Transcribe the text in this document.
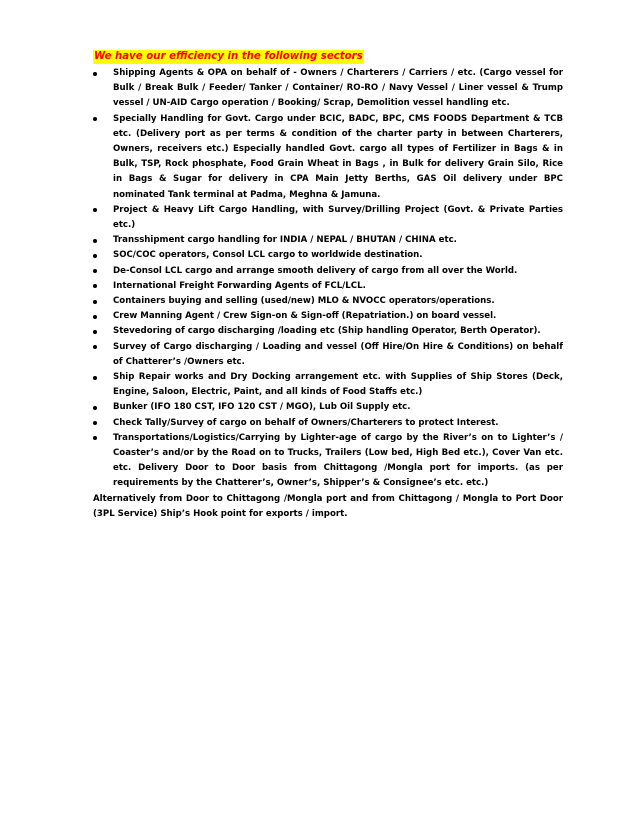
We have our efficiency in the following sectors
Shipping Agents & OPA on behalf of - Owners / Charterers / Carriers / etc. (Cargo vessel for Bulk / Break Bulk / Feeder/ Tanker / Container/ RO-RO / Navy Vessel / Liner vessel & Trump vessel / UN-AID Cargo operation / Booking/ Scrap, Demolition vessel handling etc.
Specially Handling for Govt. Cargo under BCIC, BADC, BPC, CMS FOODS Department & TCB etc. (Delivery port as per terms & condition of the charter party in between Charterers, Owners, receivers etc.) Especially handled Govt. cargo all types of Fertilizer in Bags & in Bulk, TSP, Rock phosphate, Food Grain Wheat in Bags , in Bulk for delivery Grain Silo, Rice in Bags & Sugar for delivery in CPA Main Jetty Berths, GAS Oil delivery under BPC nominated Tank terminal at Padma, Meghna & Jamuna.
Project & Heavy Lift Cargo Handling, with Survey/Drilling Project (Govt. & Private Parties etc.)
Transshipment cargo handling for INDIA / NEPAL / BHUTAN / CHINA etc.
SOC/COC operators, Consol LCL cargo to worldwide destination.
De-Consol LCL cargo and arrange smooth delivery of cargo from all over the World.
International Freight Forwarding Agents of FCL/LCL.
Containers buying and selling (used/new) MLO & NVOCC operators/operations.
Crew Manning Agent / Crew Sign-on & Sign-off (Repatriation.) on board vessel.
Stevedoring of cargo discharging /loading etc (Ship handling Operator, Berth Operator).
Survey of Cargo discharging / Loading and vessel (Off Hire/On Hire & Conditions) on behalf of Chatterer’s /Owners etc.
Ship Repair works and Dry Docking arrangement etc. with Supplies of Ship Stores (Deck, Engine, Saloon, Electric, Paint, and all kinds of Food Staffs etc.)
Bunker (IFO 180 CST, IFO 120 CST / MGO), Lub Oil Supply etc.
Check Tally/Survey of cargo on behalf of Owners/Charterers to protect Interest.
Transportations/Logistics/Carrying by Lighter-age of cargo by the River’s on to Lighter’s / Coaster’s and/or by the Road on to Trucks, Trailers (Low bed, High Bed etc.), Cover Van etc. etc. Delivery Door to Door basis from Chittagong /Mongla port for imports. (as per requirements by the Chatterer’s, Owner’s, Shipper’s & Consignee’s etc. etc.)

Alternatively from Door to Chittagong /Mongla port and from Chittagong / Mongla to Port Door (3PL Service) Ship’s Hook point for exports / import.
